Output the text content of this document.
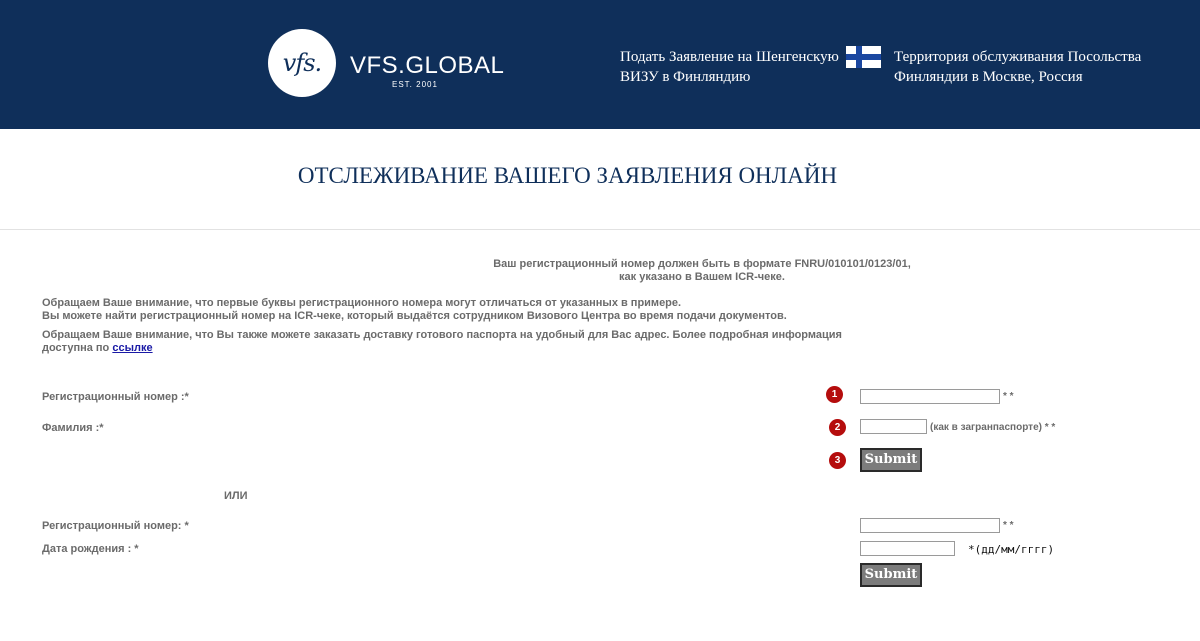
vfs. VFS.GLOBAL
EST. 2001
Подать Заявление на Шенгенскую
ВИЗУ в Финляндию
Территория обслуживания Посольства
Финляндии в Москве, Россия
ОТСЛЕЖИВАНИЕ ВАШЕГО ЗАЯВЛЕНИЯ ОНЛАЙН
Ваш регистрационный номер должен быть в формате FNRU/010101/0123/01,
как указано в Вашем ICR-чеке.
Обращаем Ваше внимание, что первые буквы регистрационного номера могут отличаться от указанных в примере.
Вы можете найти регистрационный номер на ICR-чеке, который выдаётся сотрудником Визового Центра во время подачи документов.
Обращаем Ваше внимание, что Вы также можете заказать доставку готового паспорта на удобный для Вас адрес. Более подробная информация
доступна по ссылке
Регистрационный номер :*	1	* *
Фамилия :*	2	(как в загранпаспорте) * *
3	Submit
ИЛИ
Регистрационный номер: *	* *
Дата рождения : *	*(дд/мм/гггг)
Submit
